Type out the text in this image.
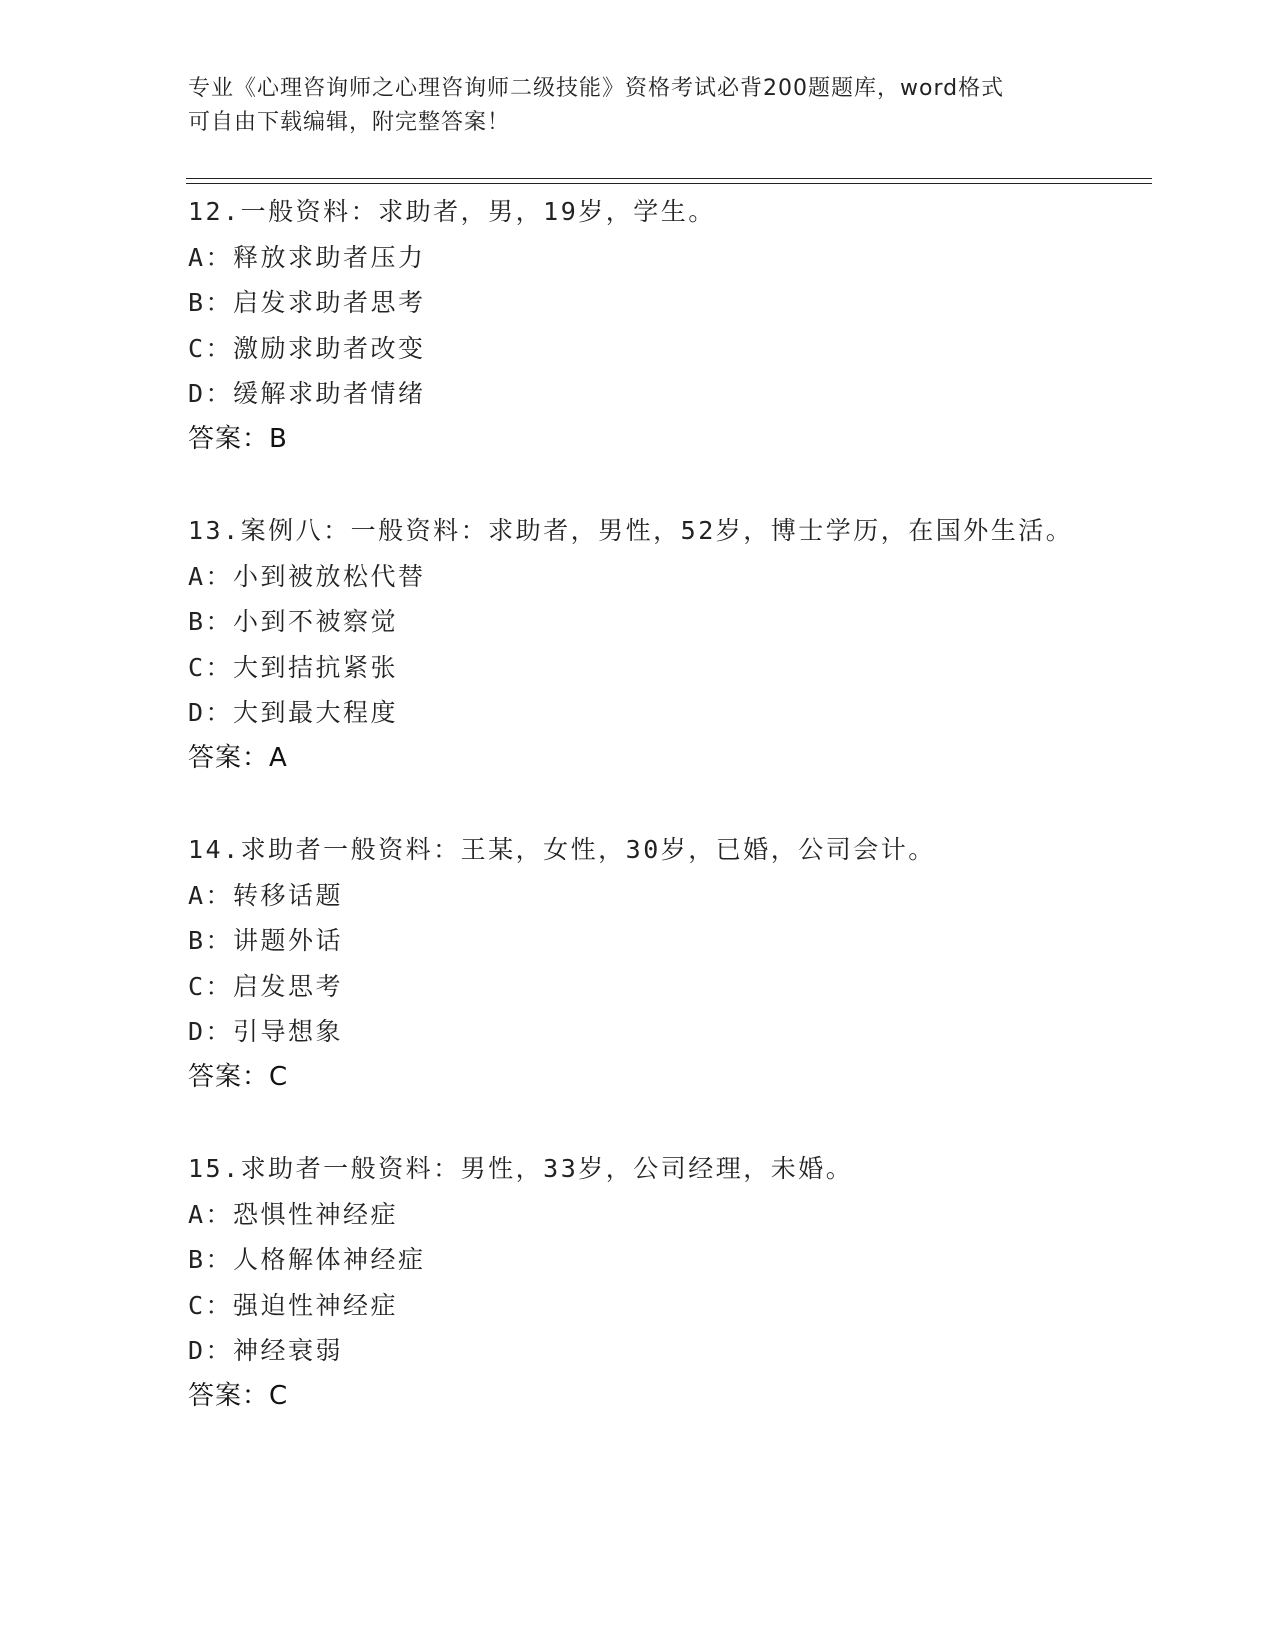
专业《心理咨询师之心理咨询师二级技能》资格考试必背200题题库，word格式

可自由下载编辑，附完整答案！

12.一般资料：求助者，男，19岁，学生。
A：释放求助者压力
B：启发求助者思考
C：激励求助者改变
D：缓解求助者情绪
答案：B
13.案例八：一般资料：求助者，男性，52岁，博士学历，在国外生活。
A：小到被放松代替
B：小到不被察觉
C：大到拮抗紧张
D：大到最大程度
答案：A
14.求助者一般资料：王某，女性，30岁，已婚，公司会计。
A：转移话题
B：讲题外话
C：启发思考
D：引导想象
答案：C
15.求助者一般资料：男性，33岁，公司经理，未婚。
A：恐惧性神经症
B：人格解体神经症
C：强迫性神经症
D：神经衰弱
答案：C
